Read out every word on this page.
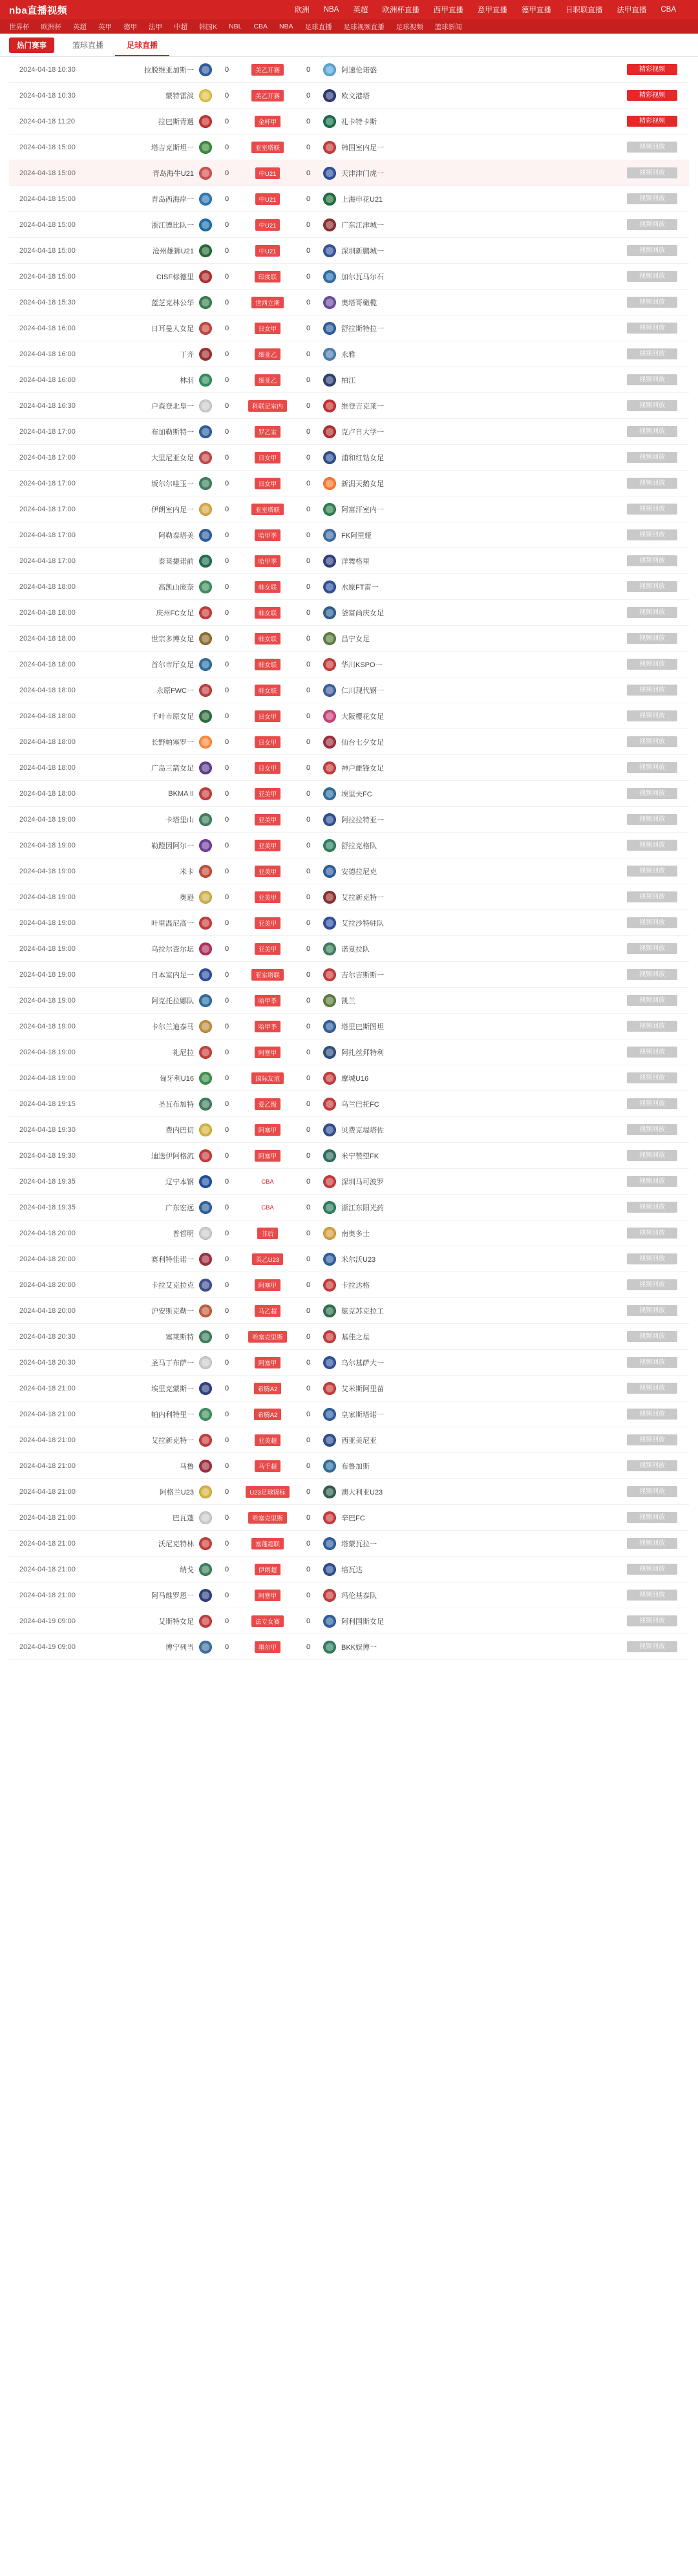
nba直播视频	欧洲 NBA 英超 欧洲杯直播 西甲直播 意甲直播 德甲直播 日职联直播 法甲直播 CBA
世界杯 欧洲杯 英超 英甲 德甲 法甲 中超 韩国K NBL CBA NBA 足球直播 足球视频直播 足球视频 篮球新闻
热门赛事	篮球直播	足球直播
2024-04-18 10:30	拉脱维亚加斯一	0	美乙开赛	0	阿速伦诺盛	精彩视频
2024-04-18 10:30	蒙特雷淡	0	美乙开赛	0	欧文港塔	精彩视频
2024-04-18 11:20	拉巴斯青遇	0	金杯甲	0	礼卡特卡斯	精彩视频
2024-04-18 15:00	塔吉克斯坦一	0	亚室塔联	0	韩国室内足一	视频回放
2024-04-18 15:00	青岛海牛U21	0	中U21	0	天津津门虎一	视频回放
2024-04-18 15:00	青岛西海岸一	0	中U21	0	上海申花U21	视频回放
2024-04-18 15:00	浙江德比队一	0	中U21	0	广东江津城一	视频回放
2024-04-18 15:00	沧州雄狮U21	0	中U21	0	深圳新鹏城一	视频回放
2024-04-18 15:00	CISF标德里	0	印度联	0	加尔瓦马尔石	视频回放
2024-04-18 15:30	蓝芝克林公华	0	世西立斯	0	奥塔哥橄榄	视频回放
2024-04-18 16:00	日耳曼人女足	0	日女甲	0	舒拉斯特拉一	视频回放
2024-04-18 16:00	丁齐	0	细亚乙	0	永雅	视频回放
2024-04-18 16:00	林羽	0	细亚乙	0	柏江	视频回放
2024-04-18 16:30	户森登北皇一	0	科联足室内	0	维登吉克莱一	视频回放
2024-04-18 17:00	布加勒斯特一	0	罗乙室	0	克卢日大学一	视频回放
2024-04-18 17:00	大里尼亚女足	0	日女甲	0	浦和红钻女足	视频回放
2024-04-18 17:00	坂尔尔哇玉一	0	日女甲	0	新潟天鹅女足	视频回放
2024-04-18 17:00	伊朗室内足一	0	亚室塔联	0	阿富汗室内一	视频回放
2024-04-18 17:00	阿勒泰塔美	0	哈甲季	0	FK阿里娅	视频回放
2024-04-18 17:00	泰莱捷诺前	0	哈甲季	0	洋舞格里	视频回放
2024-04-18 18:00	高凯山庞奈	0	韩女联	0	水原FT雷一	视频回放
2024-04-18 18:00	庆州FC女足	0	韩女联	0	釜富尚庆女足	视频回放
2024-04-18 18:00	世宗多博女足	0	韩女联	0	昌宁女足	视频回放
2024-04-18 18:00	首尔市厅女足	0	韩女联	0	华川KSPO一	视频回放
2024-04-18 18:00	永原FWC一	0	韩女联	0	仁川现代钢一	视频回放
2024-04-18 18:00	千叶市原女足	0	日女甲	0	大阪樱花女足	视频回放
2024-04-18 18:00	长野帕塞罗一	0	日女甲	0	仙台七夕女足	视频回放
2024-04-18 18:00	广岛三箭女足	0	日女甲	0	神户雌锋女足	视频回放
2024-04-18 18:00	BKMA II	0	亚美甲	0	埃里夫FC	视频回放
2024-04-18 19:00	卡塔里山	0	亚美甲	0	阿拉拉特亚一	视频回放
2024-04-18 19:00	勒蹬因阿尔一	0	亚美甲	0	舒拉克格队	视频回放
2024-04-18 19:00	米卡	0	亚美甲	0	安德拉尼克	视频回放
2024-04-18 19:00	奥逊	0	亚美甲	0	艾拉新克特一	视频回放
2024-04-18 19:00	叶里温尼高一	0	亚美甲	0	艾拉沙特驻队	视频回放
2024-04-18 19:00	乌拉尔查尔坛	0	亚美甲	0	诺夏拉队	视频回放
2024-04-18 19:00	日本室内足一	0	亚室塔联	0	吉尔吉斯斯一	视频回放
2024-04-18 19:00	阿克托拉娜队	0	哈甲季	0	凯兰	视频回放
2024-04-18 19:00	卡尔兰迪泰马	0	哈甲季	0	塔里巴斯图坦	视频回放
2024-04-18 19:00	礼尼拉	0	阿塞甲	0	阿扎丝拜特利	视频回放
2024-04-18 19:00	匈牙利U16	0	国际友谊	0	摩城U16	视频回放
2024-04-18 19:15	圣瓦布加特	0	爱乙级	0	乌兰巴托FC	视频回放
2024-04-18 19:30	费内巴切	0	阿塞甲	0	贝费克堤塔佐	视频回放
2024-04-18 19:30	迪迭伊阿格流	0	阿塞甲	0	米宁赞望FK	视频回放
2024-04-18 19:35	辽宁本钢	0	CBA	0	深圳马可波罗	视频回放
2024-04-18 19:35	广东宏远	0	CBA	0	浙江东阳光药	视频回放
2024-04-18 20:00	普哲明	0	非后	0	南奥多士	视频回放
2024-04-18 20:00	赛利特佳诺一	0	英乙U23	0	米尔沃U23	视频回放
2024-04-18 20:00	卡拉艾克拉克	0	阿塞甲	0	卡拉达格	视频回放
2024-04-18 20:00	沪安斯克勒一	0	马乙超	0	舷克苏克拉工	视频回放
2024-04-18 20:30	塞莱斯特	0	哈塞克里斯	0	基佳之星	视频回放
2024-04-18 20:30	圣马丁布萨一	0	阿塞甲	0	乌尔基萨大一	视频回放
2024-04-18 21:00	埃里克蒙斯一	0	希腾A2	0	艾米斯阿里苗	视频回放
2024-04-18 21:00	帕内利特里一	0	希腾A2	0	皇家斯塔诺一	视频回放
2024-04-18 21:00	艾拉新克特一	0	亚美超	0	西亚美尼亚	视频回放
2024-04-18 21:00	马鲁	0	马千超	0	布鲁加斯	视频回放
2024-04-18 21:00	阿格兰U23	0	U23足球锦标	0	澳大利亚U23	视频回放
2024-04-18 21:00	巴瓦蓬	0	哈塞克里斯	0	辛巴FC	视频回放
2024-04-18 21:00	沃尼克特林	0	塞蓬超联	0	塔蒙瓦拉一	视频回放
2024-04-18 21:00	纳戈	0	伊朗超	0	培瓦达	视频回放
2024-04-18 21:00	阿马维罗恩一	0	阿塞甲	0	玛伦基泰队	视频回放
2024-04-19 09:00	艾斯特女足	0	法专女赛	0	阿利国斯女足	视频回放
2024-04-19 09:00	博宁列当	0	墨尔甲	0	BKK娱博一	视频回放
